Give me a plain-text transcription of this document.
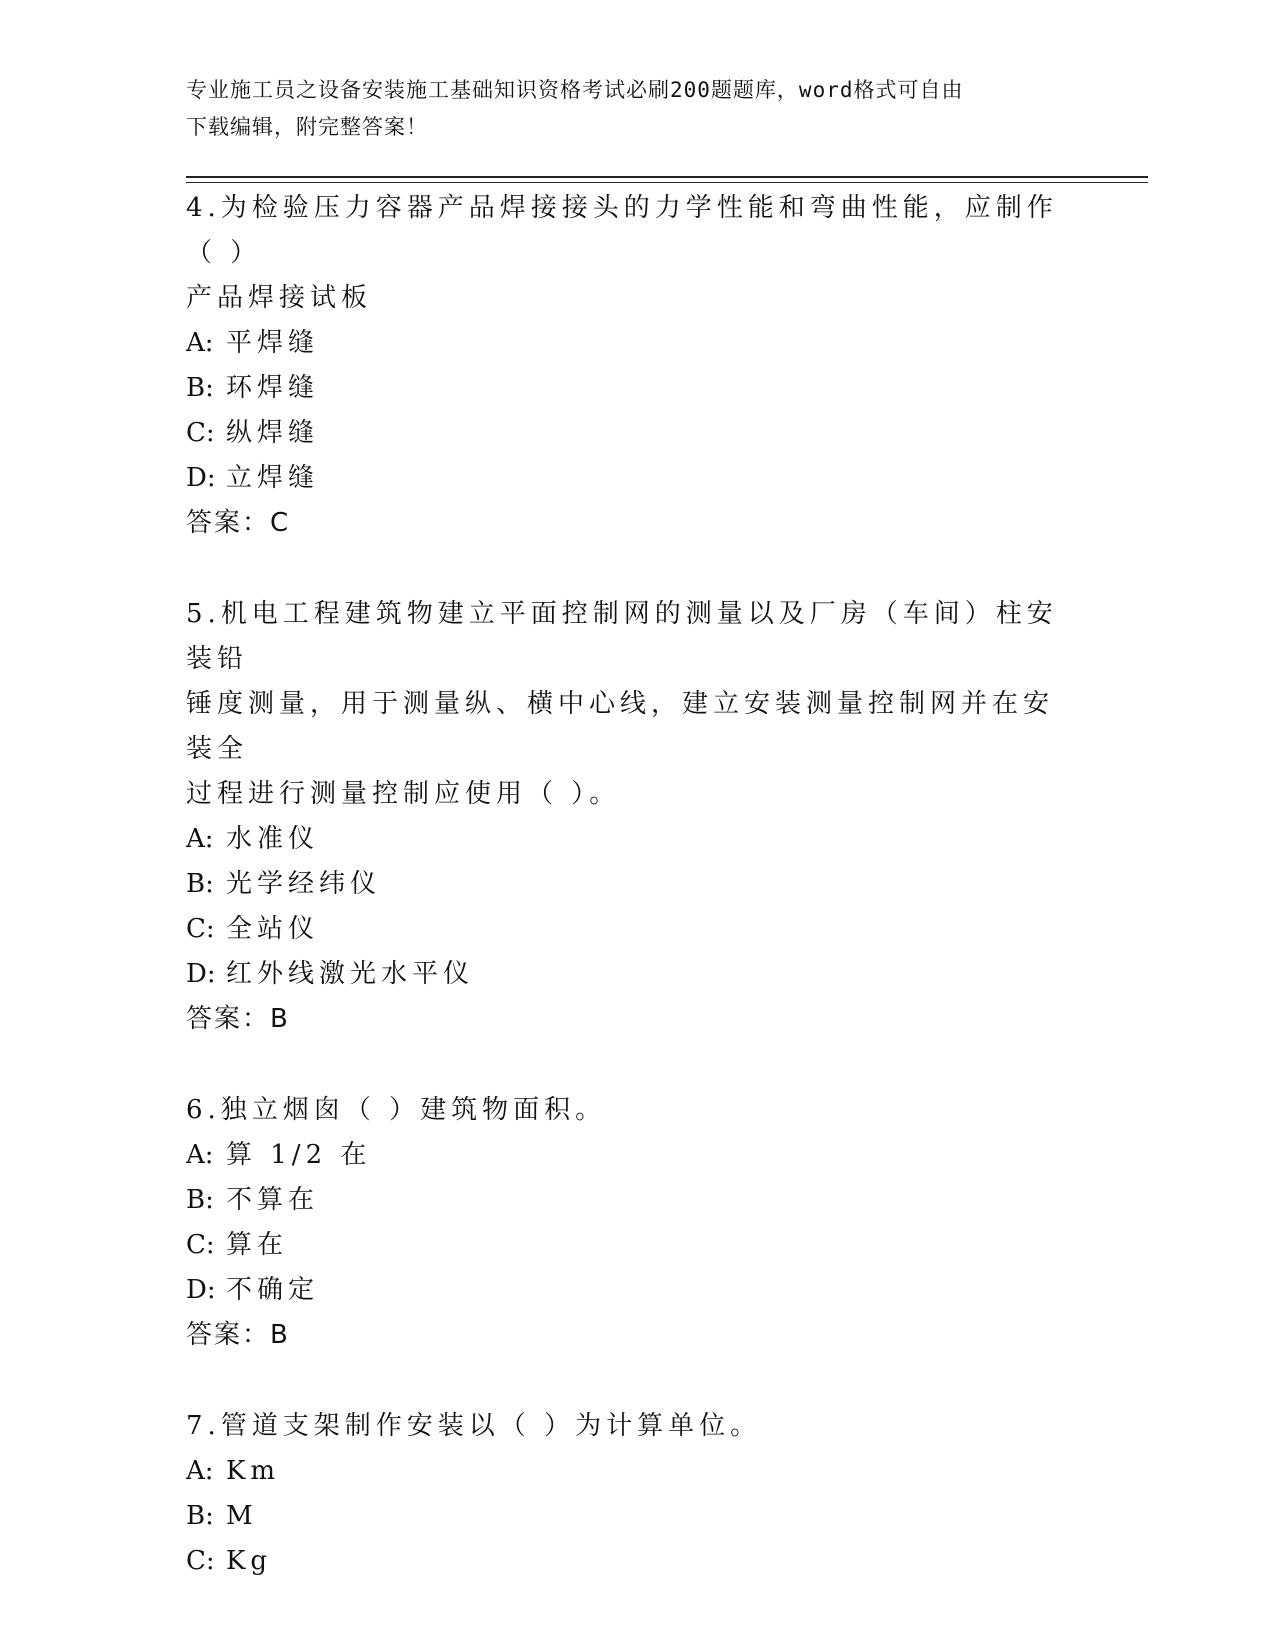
专业施工员之设备安装施工基础知识资格考试必刷200题题库，word格式可自由
下载编辑，附完整答案！
4.为检验压力容器产品焊接接头的力学性能和弯曲性能，应制作（ ）
产品焊接试板
A: 平焊缝
B: 环焊缝
C: 纵焊缝
D: 立焊缝
答案：C
5.机电工程建筑物建立平面控制网的测量以及厂房（车间）柱安装铅
锤度测量，用于测量纵、横中心线，建立安装测量控制网并在安装全
过程进行测量控制应使用（ ）。
A: 水准仪
B: 光学经纬仪
C: 全站仪
D: 红外线激光水平仪
答案：B
6.独立烟囱（ ）建筑物面积。
A: 算 1/2 在
B: 不算在
C: 算在
D: 不确定
答案：B
7.管道支架制作安装以（ ）为计算单位。
A: Km
B: M
C: Kg
